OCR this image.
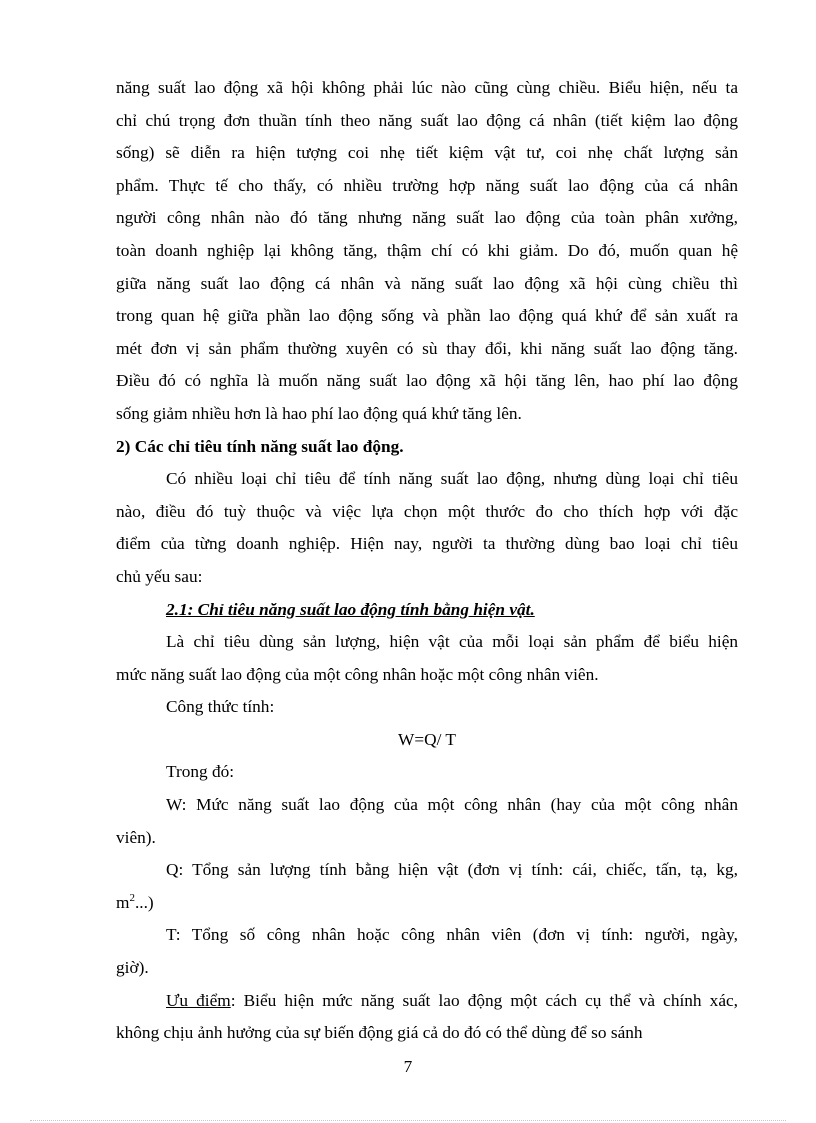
năng suất lao động xã hội không phải lúc nào cũng cùng chiều. Biểu hiện, nếu ta
chỉ chú trọng đơn thuần tính theo năng suất lao động cá nhân (tiết kiệm lao động
sống) sẽ diễn ra hiện tượng coi nhẹ tiết kiệm vật tư, coi nhẹ chất lượng sản
phẩm. Thực tế cho thấy, có nhiều trường hợp năng suất lao động của cá nhân
người công nhân nào đó tăng nhưng năng suất lao động của toàn phân xưởng,
toàn doanh nghiệp lại không tăng, thậm chí có khi giảm. Do đó, muốn quan hệ
giữa năng suất lao động cá nhân và năng suất lao động xã hội cùng chiều thì
trong quan hệ giữa phần lao động sống và phần lao động quá khứ để sản xuất ra
mét đơn vị sản phẩm thường xuyên có sù thay đổi, khi năng suất lao động tăng.
Điều đó có nghĩa là muốn năng suất lao động xã hội tăng lên, hao phí lao động
sống giảm nhiều hơn là hao phí lao động quá khứ tăng lên.
2) Các chỉ tiêu tính năng suất lao động.
Có nhiều loại chỉ tiêu để tính năng suất lao động, nhưng dùng loại chỉ tiêu
nào, điều đó tuỳ thuộc và việc lựa chọn một thước đo cho thích hợp với đặc
điểm của từng doanh nghiệp. Hiện nay, người ta thường dùng bao loại chỉ tiêu
chủ yếu sau:
2.1: Chỉ tiêu năng suất lao động tính bằng hiện vật.
Là chỉ tiêu dùng sản lượng, hiện vật của mỗi loại sản phẩm để biểu hiện
mức năng suất lao động của một công nhân hoặc một công nhân viên.
Công thức tính:
W=Q/ T
Trong đó:
W: Mức năng suất lao động của một công nhân (hay của một công nhân
viên).
Q: Tổng sản lượng tính bằng hiện vật (đơn vị tính: cái, chiếc, tấn, tạ, kg,
$m^2$...)
T: Tổng số công nhân hoặc công nhân viên (đơn vị tính: người, ngày,
giờ).
Ưu điểm: Biểu hiện mức năng suất lao động một cách cụ thể và chính xác,
không chịu ảnh hưởng của sự biến động giá cả do đó có thể dùng để so sánh
7
